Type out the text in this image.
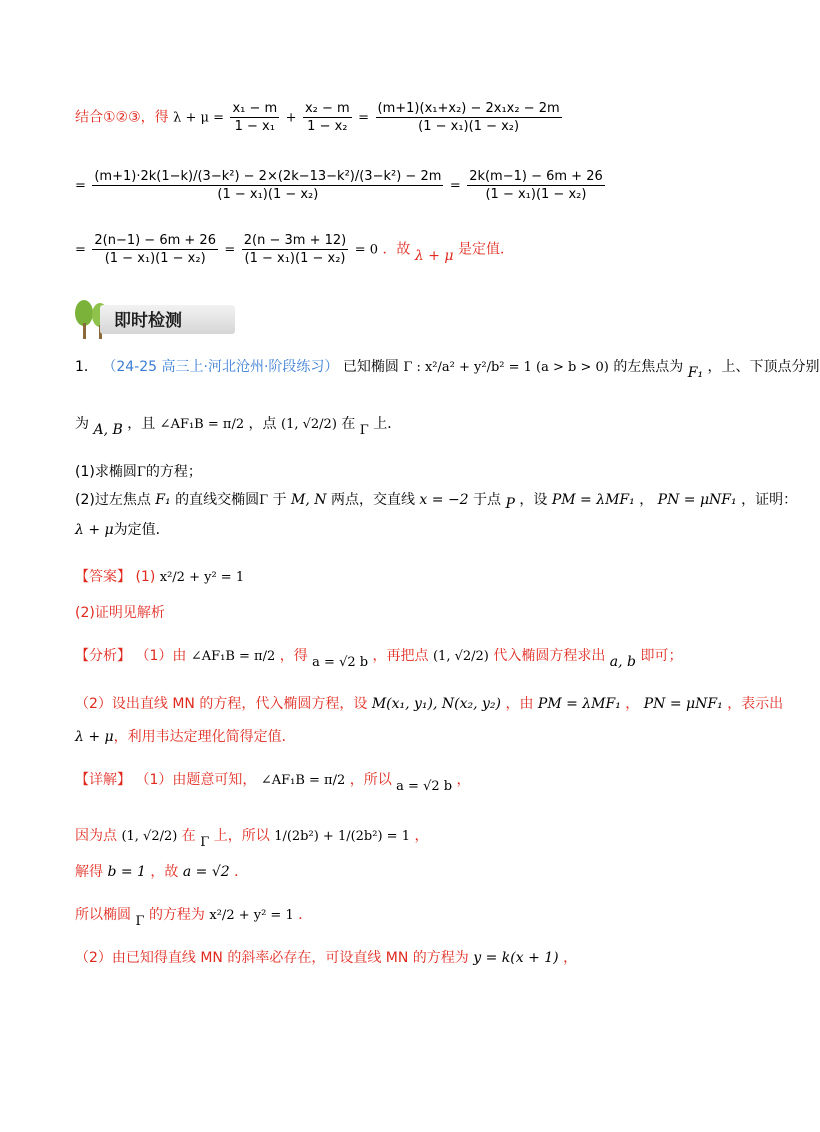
结合①②③，得 $\lambda + \mu = \frac{\text{x₁ − m}}{\text{1 − x₁}} + \frac{\text{x₂ − m}}{\text{1 − x₂}} = \frac{\text{(m+1)(x₁+x₂) − 2x₁x₂ − 2m}}{\text{(1 − x₁)(1 − x₂)}}$
= $\frac{\text{(m+1)·2k(1−k)/(3−k²) − 2×(2k−13−k²)/(3−k²) − 2m}}{\text{(1 − x₁)(1 − x₂)}} = \frac{2k(m-1) - 6m + 26}{\text{(1 − x₁)(1 − x₂)}}$
= $\frac{2(n-1) - 6m + 26}{\text{(1 − x₁)(1 − x₂)}} = \frac{2(n - 3m + 12)}{\text{(1 − x₁)(1 − x₂)}} = 0$ ．故 λ + μ 是定值．
即时检测
1． （24-25 高三上·河北沧州·阶段练习） 已知椭圆 Γ : x²/a² + y²/b² = 1 (a > b > 0) 的左焦点为 F₁ ，上、下顶点分别
为 A, B ，且 ∠AF₁B = π/2 ，点 (1, √2/2) 在 Γ 上．
(1)求椭圆Γ的方程；
(2)过左焦点 F₁ 的直线交椭圆Γ 于 M, N 两点，交直线 x = −2 于点 P ，设 PM = λMF₁ ， PN = μNF₁ ，证明：
λ + μ为定值．
【答案】 (1) x²/2 + y² = 1
(2)证明见解析
【分析】 （1）由 ∠AF₁B = π/2 ，得 a = √2 b ，再把点 (1, √2/2) 代入椭圆方程求出 a, b 即可；
（2）设出直线 MN 的方程，代入椭圆方程，设 M(x₁, y₁), N(x₂, y₂) ，由 PM = λMF₁ ， PN = μNF₁ ，表示出
λ + μ，利用韦达定理化简得定值．
【详解】 （1）由题意可知， ∠AF₁B = π/2 ，所以 a = √2 b ，
因为点 (1, √2/2) 在 Γ 上，所以 1/(2b²) + 1/(2b²) = 1 ，
解得 b = 1 ，故 a = √2 ．
所以椭圆 Γ 的方程为 x²/2 + y² = 1 ．
（2）由已知得直线 MN 的斜率必存在，可设直线 MN 的方程为 y = k(x + 1) ，
